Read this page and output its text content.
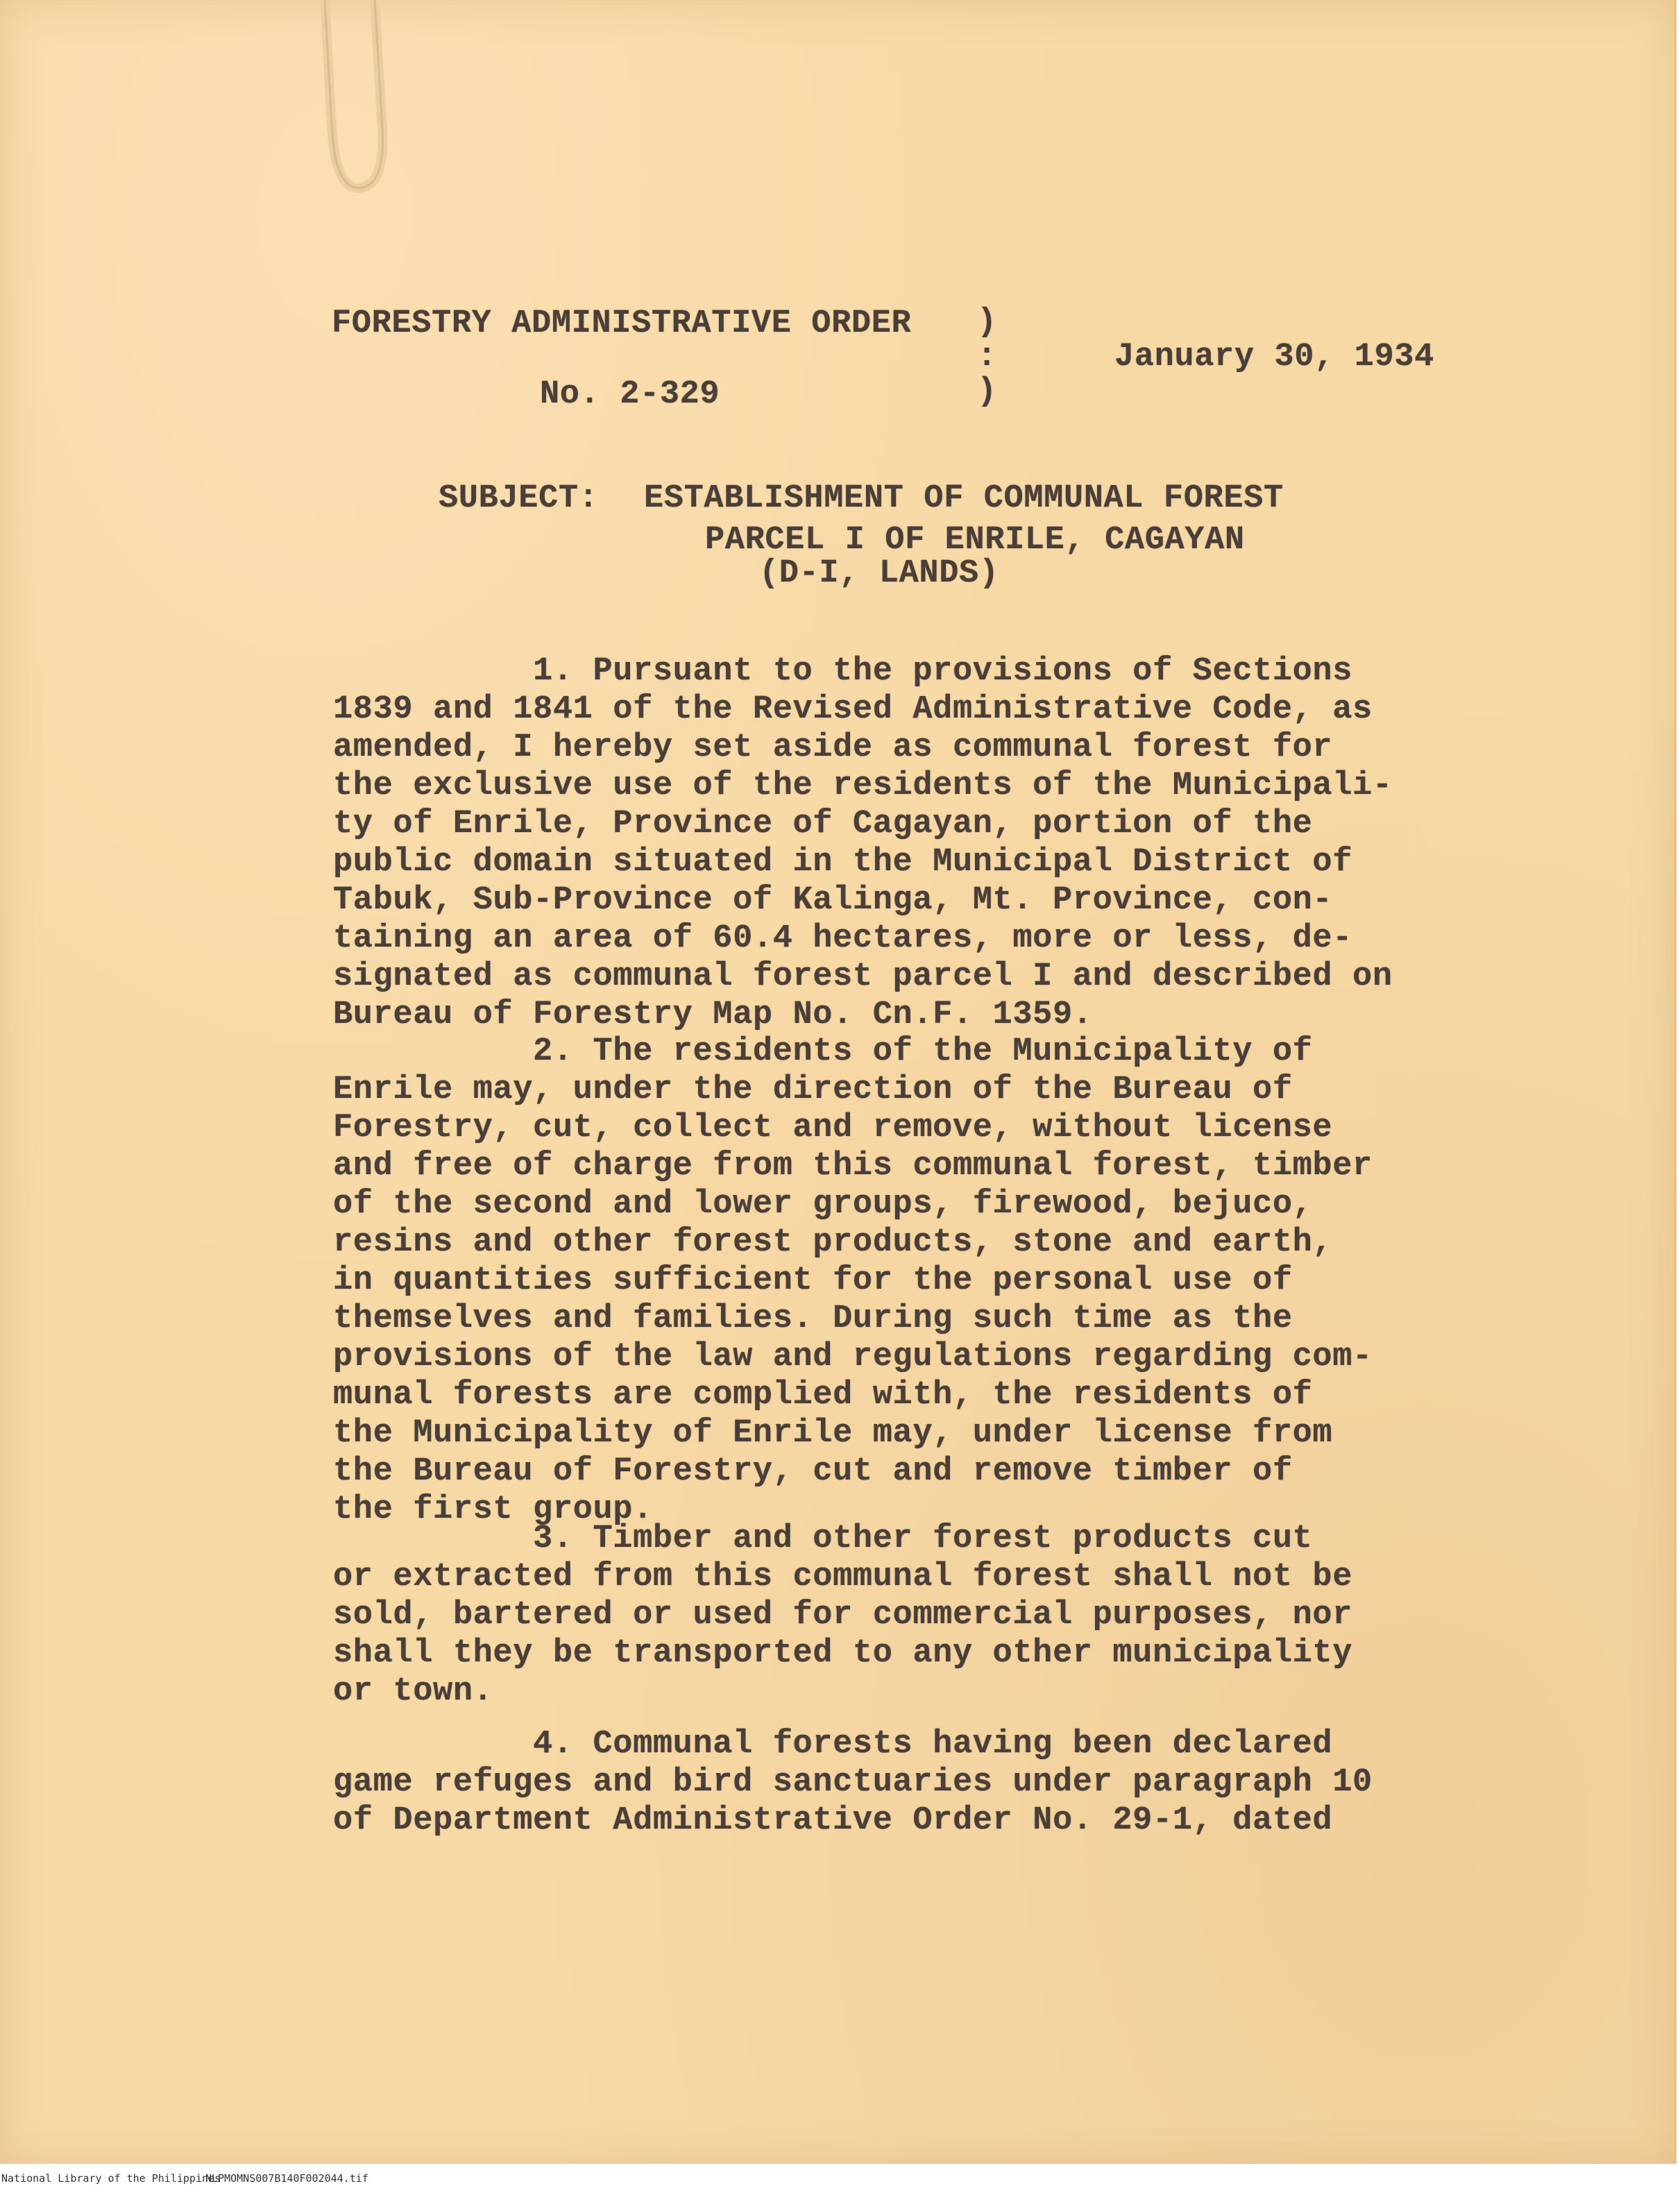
FORESTRY ADMINISTRATIVE ORDER
No. 2-329
)
:
)
January 30, 1934
SUBJECT: ESTABLISHMENT OF COMMUNAL FOREST
PARCEL I OF ENRILE, CAGAYAN
(D-I, LANDS)
1. Pursuant to the provisions of Sections
1839 and 1841 of the Revised Administrative Code, as
amended, I hereby set aside as communal forest for
the exclusive use of the residents of the Municipali-
ty of Enrile, Province of Cagayan, portion of the
public domain situated in the Municipal District of
Tabuk, Sub-Province of Kalinga, Mt. Province, con-
taining an area of 60.4 hectares, more or less, de-
signated as communal forest parcel I and described on
Bureau of Forestry Map No. Cn.F. 1359.
2. The residents of the Municipality of
Enrile may, under the direction of the Bureau of
Forestry, cut, collect and remove, without license
and free of charge from this communal forest, timber
of the second and lower groups, firewood, bejuco,
resins and other forest products, stone and earth,
in quantities sufficient for the personal use of
themselves and families. During such time as the
provisions of the law and regulations regarding com-
munal forests are complied with, the residents of
the Municipality of Enrile may, under license from
the Bureau of Forestry, cut and remove timber of
the first group.
3. Timber and other forest products cut
or extracted from this communal forest shall not be
sold, bartered or used for commercial purposes, nor
shall they be transported to any other municipality
or town.
4. Communal forests having been declared
game refuges and bird sanctuaries under paragraph 10
of Department Administrative Order No. 29-1, dated
National Library of the Philippines
NLPMOMNS007B140F002044.tif
